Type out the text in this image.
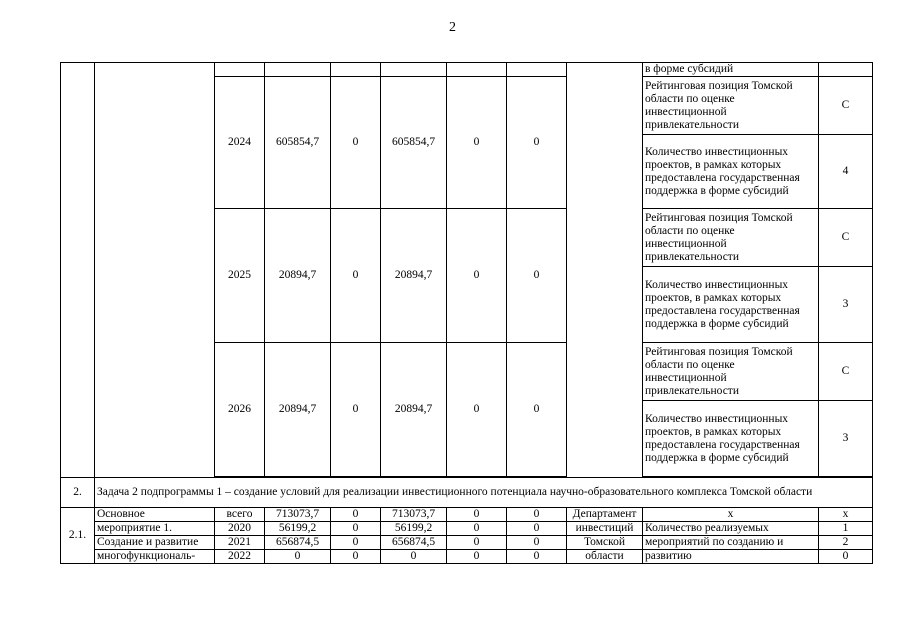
2
									в форме субсидий	
		2024	605854,7	0	605854,7	0	0		Рейтинговая позиция Томской области по оценке инвестиционной привлекательности	С
									Количество инвестиционных проектов, в рамках которых предоставлена государственная поддержка в форме субсидий	4
		2025	20894,7	0	20894,7	0	0		Рейтинговая позиция Томской области по оценке инвестиционной привлекательности	С
									Количество инвестиционных проектов, в рамках которых предоставлена государственная поддержка в форме субсидий	3
		2026	20894,7	0	20894,7	0	0		Рейтинговая позиция Томской области по оценке инвестиционной привлекательности	С
									Количество инвестиционных проектов, в рамках которых предоставлена государственная поддержка в форме субсидий	3

2.	Задача 2 подпрограммы 1 – создание условий для реализации инвестиционного потенциала научно-образовательного комплекса Томской области									
2.1.	Основное	всего	713073,7	0	713073,7	0	0	Департамент	х	х
	мероприятие 1.	2020	56199,2	0	56199,2	0	0	инвестиций	Количество реализуемых	1
	Создание и развитие	2021	656874,5	0	656874,5	0	0	Томской	мероприятий по созданию и	2
	многофункциональ-	2022	0	0	0	0	0	области	развитию	0
